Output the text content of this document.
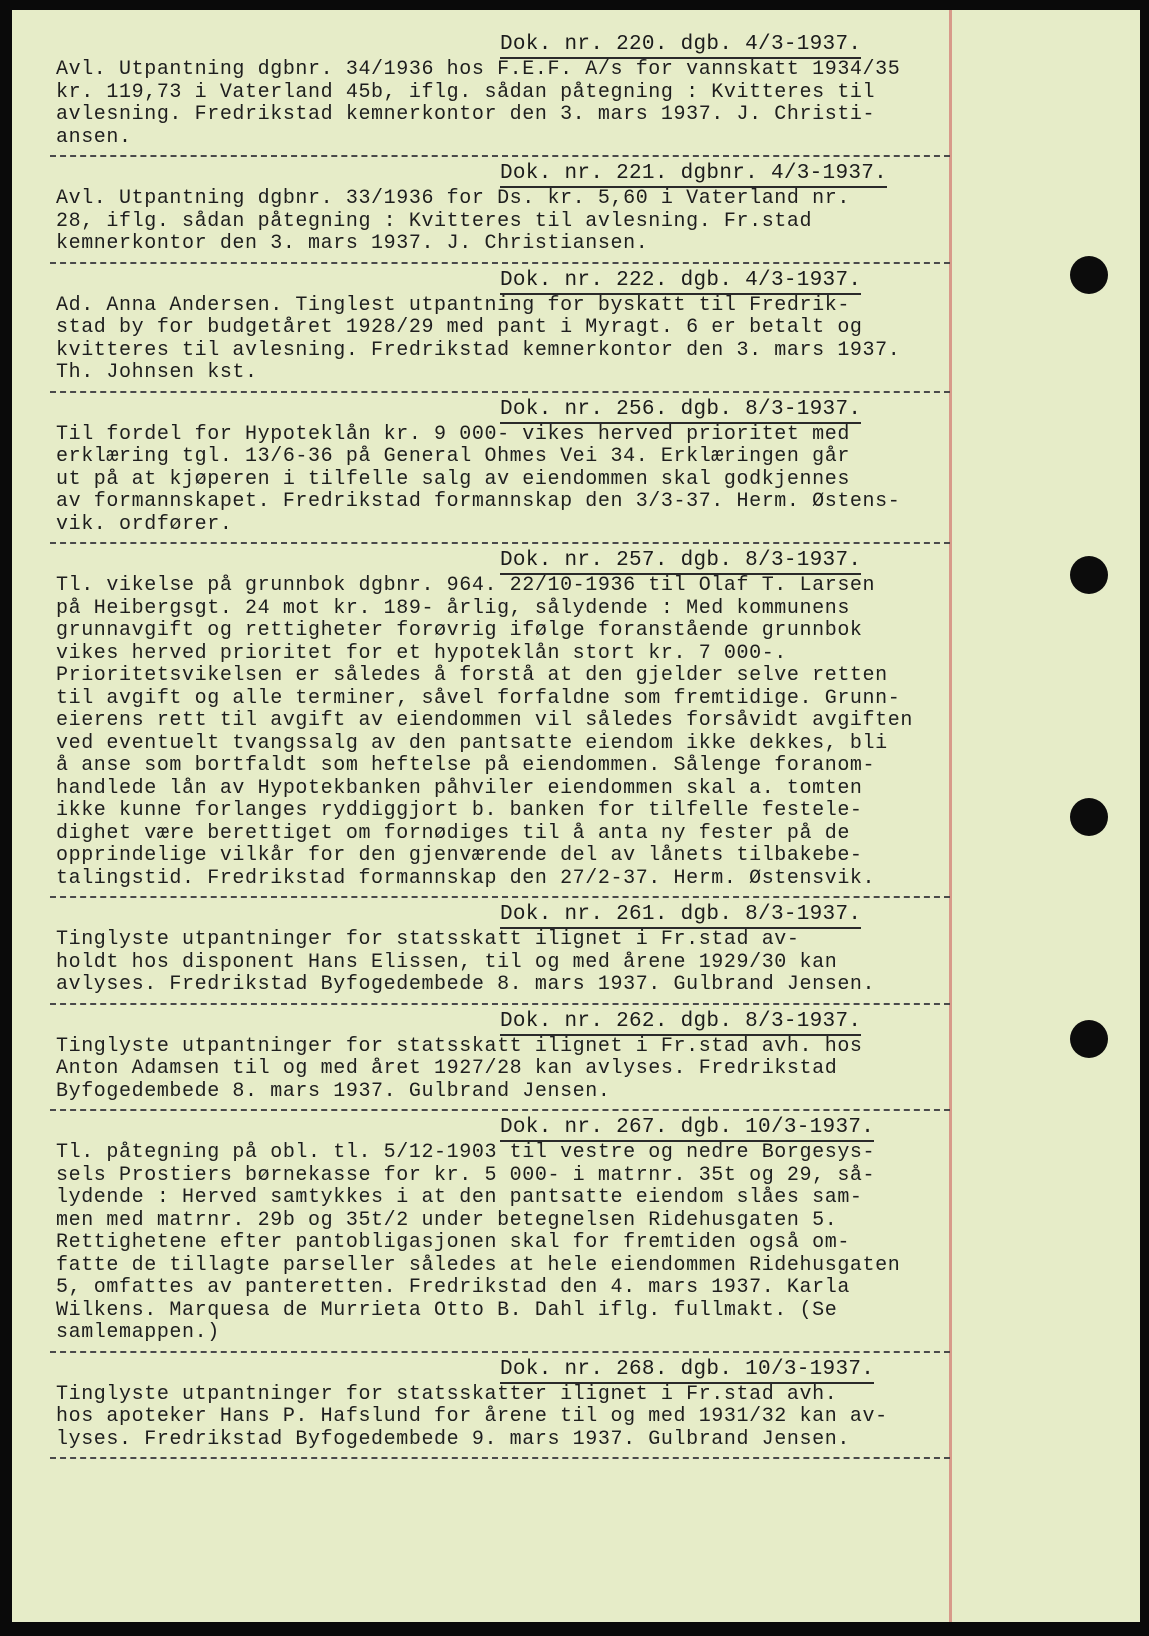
Dok. nr. 220. dgb. 4/3-1937.
Avl. Utpantning dgbnr. 34/1936 hos F.E.F. A/s for vannskatt 1934/35
kr. 119,73 i Vaterland 45b, iflg. sådan påtegning : Kvitteres til
avlesning. Fredrikstad kemnerkontor den 3. mars 1937. J. Christi-
ansen.
Dok. nr. 221. dgbnr. 4/3-1937.
Avl. Utpantning dgbnr. 33/1936 for Ds. kr. 5,60 i Vaterland nr.
28, iflg. sådan påtegning : Kvitteres til avlesning. Fr.stad
kemnerkontor den 3. mars 1937. J. Christiansen.
Dok. nr. 222. dgb. 4/3-1937.
Ad. Anna Andersen. Tinglest utpantning for byskatt til Fredrik-
stad by for budgetåret 1928/29 med pant i Myragt. 6 er betalt og
kvitteres til avlesning. Fredrikstad kemnerkontor den 3. mars 1937.
Th. Johnsen kst.
Dok. nr. 256. dgb. 8/3-1937.
Til fordel for Hypoteklån kr. 9 000- vikes herved prioritet med
erklæring tgl. 13/6-36 på General Ohmes Vei 34. Erklæringen går
ut på at kjøperen i tilfelle salg av eiendommen skal godkjennes
av formannskapet. Fredrikstad formannskap den 3/3-37. Herm. Østens-
vik. ordfører.
Dok. nr. 257. dgb. 8/3-1937.
Tl. vikelse på grunnbok dgbnr. 964. 22/10-1936 til Olaf T. Larsen
på Heibergsgt. 24 mot kr. 189- årlig, sålydende : Med kommunens
grunnavgift og rettigheter forøvrig ifølge foranstående grunnbok
vikes herved prioritet for et hypoteklån stort kr. 7 000-.
Prioritetsvikelsen er således å forstå at den gjelder selve retten
til avgift og alle terminer, såvel forfaldne som fremtidige. Grunn-
eierens rett til avgift av eiendommen vil således forsåvidt avgiften
ved eventuelt tvangssalg av den pantsatte eiendom ikke dekkes, bli
å anse som bortfaldt som heftelse på eiendommen. Sålenge foranom-
handlede lån av Hypotekbanken påhviler eiendommen skal a. tomten
ikke kunne forlanges ryddiggjort b. banken for tilfelle festele-
dighet være berettiget om fornødiges til å anta ny fester på de
opprindelige vilkår for den gjenværende del av lånets tilbakebe-
talingstid. Fredrikstad formannskap den 27/2-37. Herm. Østensvik.
Dok. nr. 261. dgb. 8/3-1937.
Tinglyste utpantninger for statsskatt ilignet i Fr.stad av-
holdt hos disponent Hans Elissen, til og med årene 1929/30 kan
avlyses. Fredrikstad Byfogedembede 8. mars 1937. Gulbrand Jensen.
Dok. nr. 262. dgb. 8/3-1937.
Tinglyste utpantninger for statsskatt ilignet i Fr.stad avh. hos
Anton Adamsen til og med året 1927/28 kan avlyses. Fredrikstad
Byfogedembede 8. mars 1937. Gulbrand Jensen.
Dok. nr. 267. dgb. 10/3-1937.
Tl. påtegning på obl. tl. 5/12-1903 til vestre og nedre Borgesys-
sels Prostiers børnekasse for kr. 5 000- i matrnr. 35t og 29, så-
lydende : Herved samtykkes i at den pantsatte eiendom slåes sam-
men med matrnr. 29b og 35t/2 under betegnelsen Ridehusgaten 5.
Rettighetene efter pantobligasjonen skal for fremtiden også om-
fatte de tillagte parseller således at hele eiendommen Ridehusgaten
5, omfattes av panteretten. Fredrikstad den 4. mars 1937. Karla
Wilkens. Marquesa de Murrieta Otto B. Dahl iflg. fullmakt. (Se
samlemappen.)
Dok. nr. 268. dgb. 10/3-1937.
Tinglyste utpantninger for statsskatter ilignet i Fr.stad avh.
hos apoteker Hans P. Hafslund for årene til og med 1931/32 kan av-
lyses. Fredrikstad Byfogedembede 9. mars 1937. Gulbrand Jensen.
